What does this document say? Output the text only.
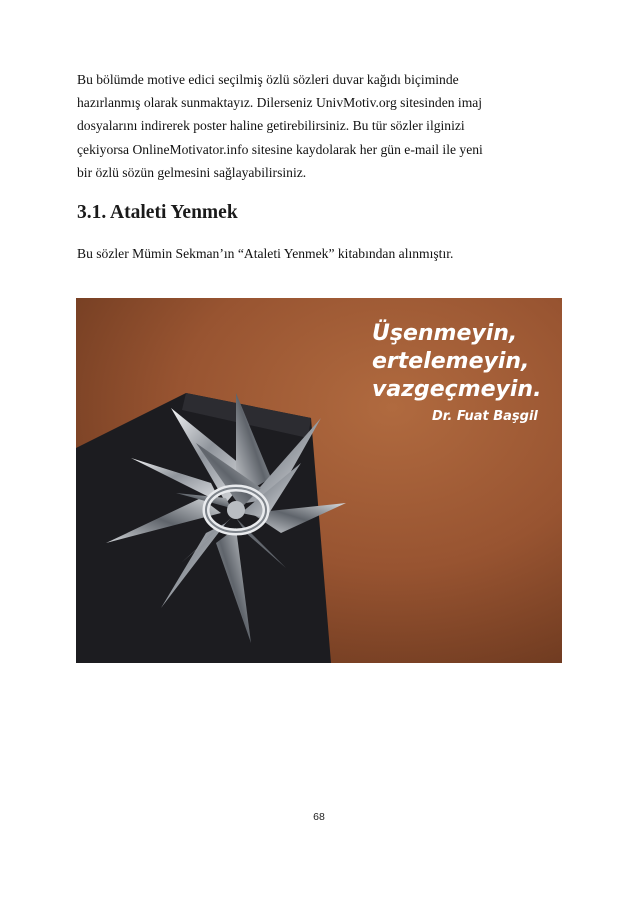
Bu bölümde motive edici seçilmiş özlü sözleri duvar kağıdı biçiminde
hazırlanmış olarak sunmaktayız. Dilerseniz UnivMotiv.org sitesinden imaj
dosyalarını indirerek poster haline getirebilirsiniz. Bu tür sözler ilginizi
çekiyorsa OnlineMotivator.info sitesine kaydolarak her gün e-mail ile yeni
bir özlü sözün gelmesini sağlayabilirsiniz.
3.1. Ataleti Yenmek

Bu sözler Mümin Sekman’ın “Ataleti Yenmek” kitabından alınmıştır.

Üşenmeyin,
ertelemeyin,
vazgeçmeyin.
Dr. Fuat Başgil
68
